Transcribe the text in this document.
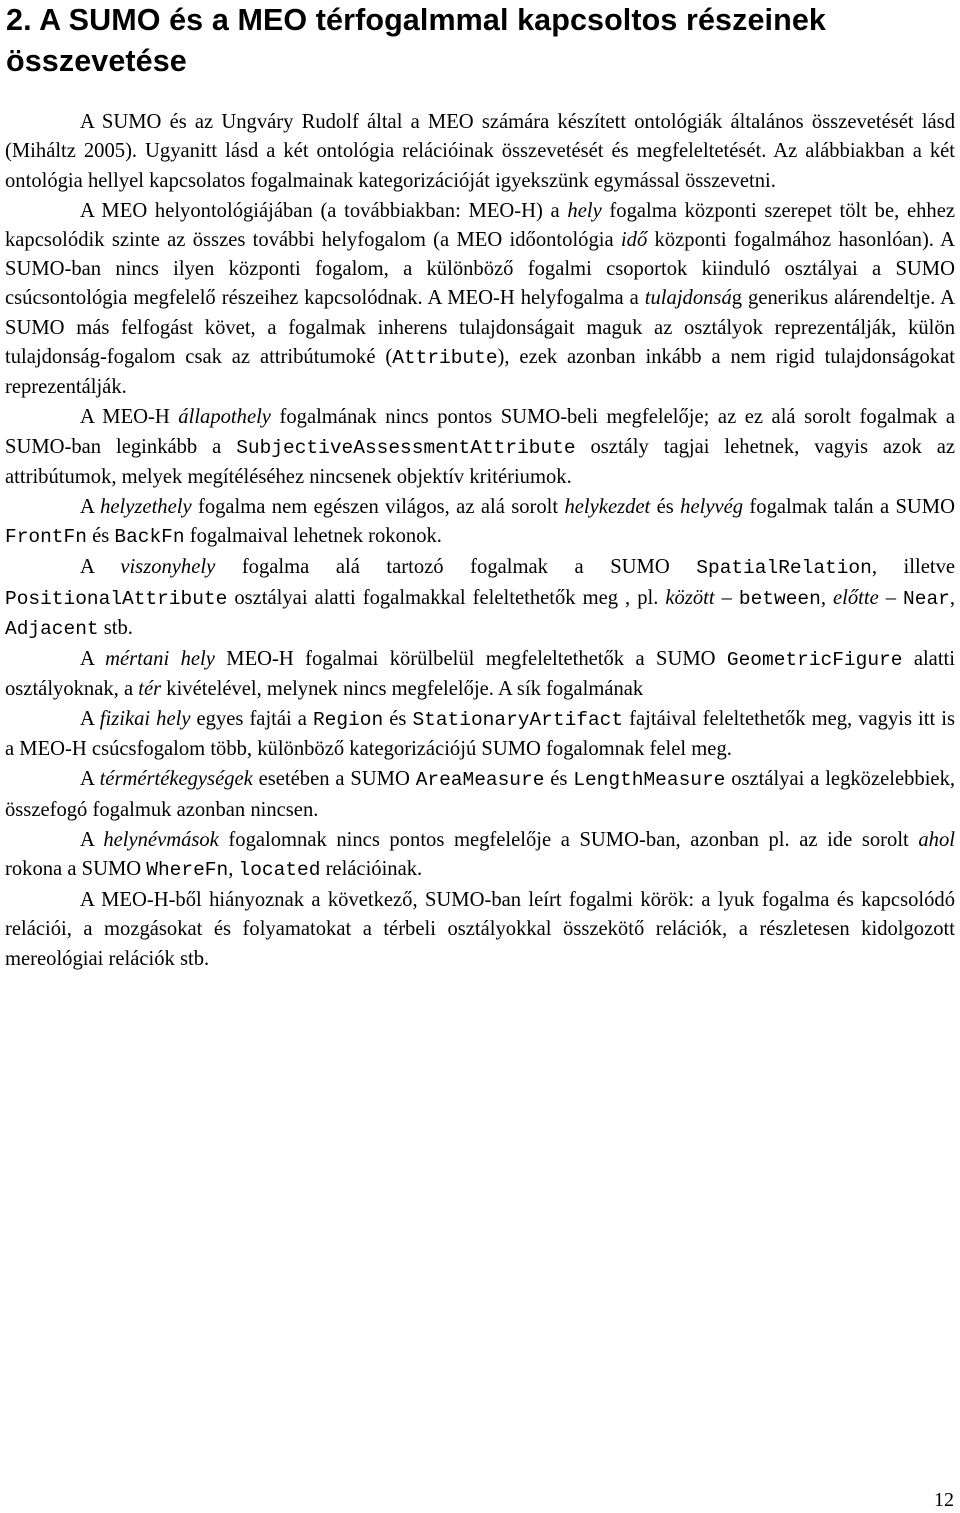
2. A SUMO és a MEO térfogalmmal kapcsoltos részeinek összevetése

A SUMO és az Ungváry Rudolf által a MEO számára készített ontológiák általános összevetését lásd (Miháltz 2005). Ugyanitt lásd a két ontológia relációinak összevetését és megfeleltetését. Az alábbiakban a két ontológia hellyel kapcsolatos fogalmainak kategorizációját igyekszünk egymással összevetni.

A MEO helyontológiájában (a továbbiakban: MEO-H) a hely fogalma központi szerepet tölt be, ehhez kapcsolódik szinte az összes további helyfogalom (a MEO időontológia idő központi fogalmához hasonlóan). A SUMO-ban nincs ilyen központi fogalom, a különböző fogalmi csoportok kiinduló osztályai a SUMO csúcsontológia megfelelő részeihez kapcsolódnak. A MEO-H helyfogalma a tulajdonság generikus alárendeltje. A SUMO más felfogást követ, a fogalmak inherens tulajdonságait maguk az osztályok reprezentálják, külön tulajdonság-fogalom csak az attribútumoké (Attribute), ezek azonban inkább a nem rigid tulajdonságokat reprezentálják.

A MEO-H állapothely fogalmának nincs pontos SUMO-beli megfelelője; az ez alá sorolt fogalmak a SUMO-ban leginkább a SubjectiveAssessmentAttribute osztály tagjai lehetnek, vagyis azok az attribútumok, melyek megítéléséhez nincsenek objektív kritériumok.

A helyzethely fogalma nem egészen világos, az alá sorolt helykezdet és helyvég fogalmak talán a SUMO FrontFn és BackFn fogalmaival lehetnek rokonok.

A viszonyhely fogalma alá tartozó fogalmak a SUMO SpatialRelation, illetve PositionalAttribute osztályai alatti fogalmakkal feleltethetők meg , pl. között – between, előtte – Near, Adjacent stb.

A mértani hely MEO-H fogalmai körülbelül megfeleltethetők a SUMO GeometricFigure alatti osztályoknak, a tér kivételével, melynek nincs megfelelője. A sík fogalmának

A fizikai hely egyes fajtái a Region és StationaryArtifact fajtáival feleltethetők meg, vagyis itt is a MEO-H csúcsfogalom több, különböző kategorizációjú SUMO fogalomnak felel meg.

A térmértékegységek esetében a SUMO AreaMeasure és LengthMeasure osztályai a legközelebbiek, összefogó fogalmuk azonban nincsen.

A helynévmások fogalomnak nincs pontos megfelelője a SUMO-ban, azonban pl. az ide sorolt ahol rokona a SUMO WhereFn, located relációinak.

A MEO-H-ből hiányoznak a következő, SUMO-ban leírt fogalmi körök: a lyuk fogalma és kapcsolódó relációi, a mozgásokat és folyamatokat a térbeli osztályokkal összekötő relációk, a részletesen kidolgozott mereológiai relációk stb.

12
